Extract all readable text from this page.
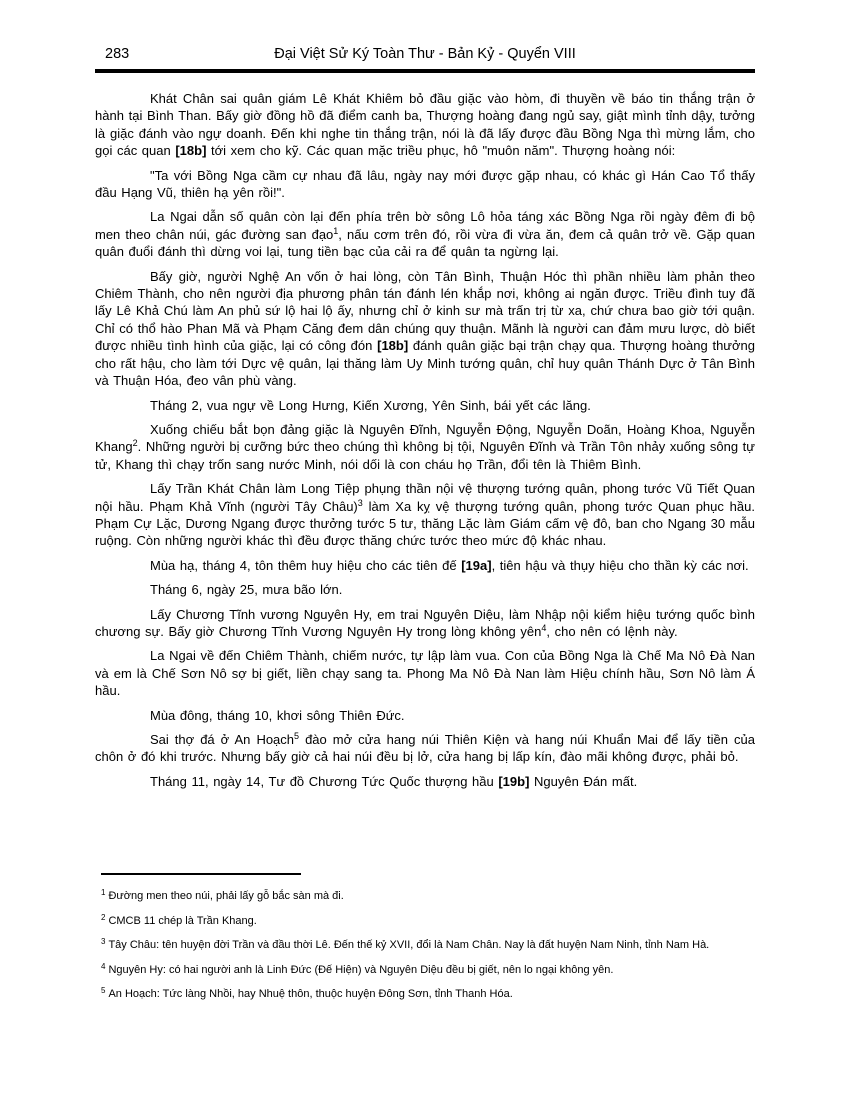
283	Đại Việt Sử Ký Toàn Thư - Bản Kỷ - Quyển VIII

Khát Chân sai quân giám Lê Khát Khiêm bỏ đầu giặc vào hòm, đi thuyền về báo tin thắng trận ở hành tại Bình Than. Bấy giờ đồng hồ đã điểm canh ba, Thượng hoàng đang ngủ say, giật mình tỉnh dậy, tưởng là giặc đánh vào ngự doanh. Đến khi nghe tin thắng trận, nói là đã lấy được đầu Bồng Nga thì mừng lắm, cho gọi các quan [18b] tới xem cho kỹ. Các quan mặc triều phục, hô "muôn năm". Thượng hoàng nói:

"Ta với Bồng Nga cầm cự nhau đã lâu, ngày nay mới được gặp nhau, có khác gì Hán Cao Tổ thấy đầu Hạng Vũ, thiên hạ yên rồi!".

La Ngai dẫn số quân còn lại đến phía trên bờ sông Lô hỏa táng xác Bồng Nga rồi ngày đêm đi bộ men theo chân núi, gác đường san đạo$^1$, nấu cơm trên đó, rồi vừa đi vừa ăn, đem cả quân trở về. Gặp quan quân đuổi đánh thì dừng voi lại, tung tiền bạc của cải ra để quân ta ngừng lại.

Bấy giờ, người Nghệ An vốn ở hai lòng, còn Tân Bình, Thuận Hóc thì phần nhiều làm phản theo Chiêm Thành, cho nên người địa phương phân tán đánh lén khắp nơi, không ai ngăn được. Triều đình tuy đã lấy Lê Khả Chú làm An phủ sứ lộ hai lộ ấy, nhưng chỉ ở kinh sư mà trấn trị từ xa, chứ chưa bao giờ tới quận. Chỉ có thổ hào Phan Mã và Phạm Căng đem dân chúng quy thuận. Mãnh là người can đảm mưu lược, dò biết được nhiều tình hình của giặc, lại có công đón [18b] đánh quân giặc bại trận chạy qua. Thượng hoàng thưởng cho rất hậu, cho làm tới Dực vệ quân, lại thăng làm Uy Minh tướng quân, chỉ huy quân Thánh Dực ở Tân Bình và Thuận Hóa, đeo vân phù vàng.

Tháng 2, vua ngự về Long Hưng, Kiến Xương, Yên Sinh, bái yết các lăng.

Xuống chiếu bắt bọn đảng giặc là Nguyên Đĩnh, Nguyễn Động, Nguyễn Doãn, Hoàng Khoa, Nguyễn Khang$^2$. Những người bị cưỡng bức theo chúng thì không bị tội, Nguyên Đĩnh và Trần Tôn nhảy xuống sông tự tử, Khang thì chạy trốn sang nước Minh, nói dối là con cháu họ Trần, đổi tên là Thiêm Bình.

Lấy Trần Khát Chân làm Long Tiệp phụng thần nội vệ thượng tướng quân, phong tước Vũ Tiết Quan nội hầu. Phạm Khả Vĩnh (người Tây Châu)$^3$ làm Xa kỵ vệ thượng tướng quân, phong tước Quan phục hầu. Phạm Cự Lặc, Dương Ngang được thưởng tước 5 tư, thăng Lặc làm Giám cấm vệ đô, ban cho Ngang 30 mẫu ruộng. Còn những người khác thì đều được thăng chức tước theo mức độ khác nhau.

Mùa hạ, tháng 4, tôn thêm huy hiệu cho các tiên đế [19a], tiên hậu và thụy hiệu cho thần kỳ các nơi.

Tháng 6, ngày 25, mưa bão lớn.

Lấy Chương Tĩnh vương Nguyên Hy, em trai Nguyên Diệu, làm Nhập nội kiểm hiệu tướng quốc bình chương sự. Bấy giờ Chương Tĩnh Vương Nguyên Hy trong lòng không yên$^4$, cho nên có lệnh này.

La Ngai về đến Chiêm Thành, chiếm nước, tự lập làm vua. Con của Bồng Nga là Chế Ma Nô Đà Nan và em là Chế Sơn Nô sợ bị giết, liền chạy sang ta. Phong Ma Nô Đà Nan làm Hiệu chính hầu, Sơn Nô làm Á hầu.

Mùa đông, tháng 10, khơi sông Thiên Đức.

Sai thợ đá ở An Hoạch$^5$ đào mở cửa hang núi Thiên Kiện và hang núi Khuẩn Mai để lấy tiền của chôn ở đó khi trước. Nhưng bấy giờ cả hai núi đều bị lở, cửa hang bị lấp kín, đào mãi không được, phải bỏ.

Tháng 11, ngày 14, Tư đồ Chương Tức Quốc thượng hầu [19b] Nguyên Đán mất.

$^1$ Đường men theo núi, phải lấy gỗ bắc sàn mà đi.

$^2$ CMCB 11 chép là Trần Khang.

$^3$ Tây Châu: tên huyện đời Trần và đầu thời Lê. Đến thế kỷ XVII, đổi là Nam Chân. Nay là đất huyện Nam Ninh, tỉnh Nam Hà.

$^4$ Nguyên Hy: có hai người anh là Linh Đức (Đế Hiện) và Nguyên Diệu đều bị giết, nên lo ngại không yên.

$^5$ An Hoạch: Tức làng Nhồi, hay Nhuệ thôn, thuộc huyện Đông Sơn, tỉnh Thanh Hóa.
